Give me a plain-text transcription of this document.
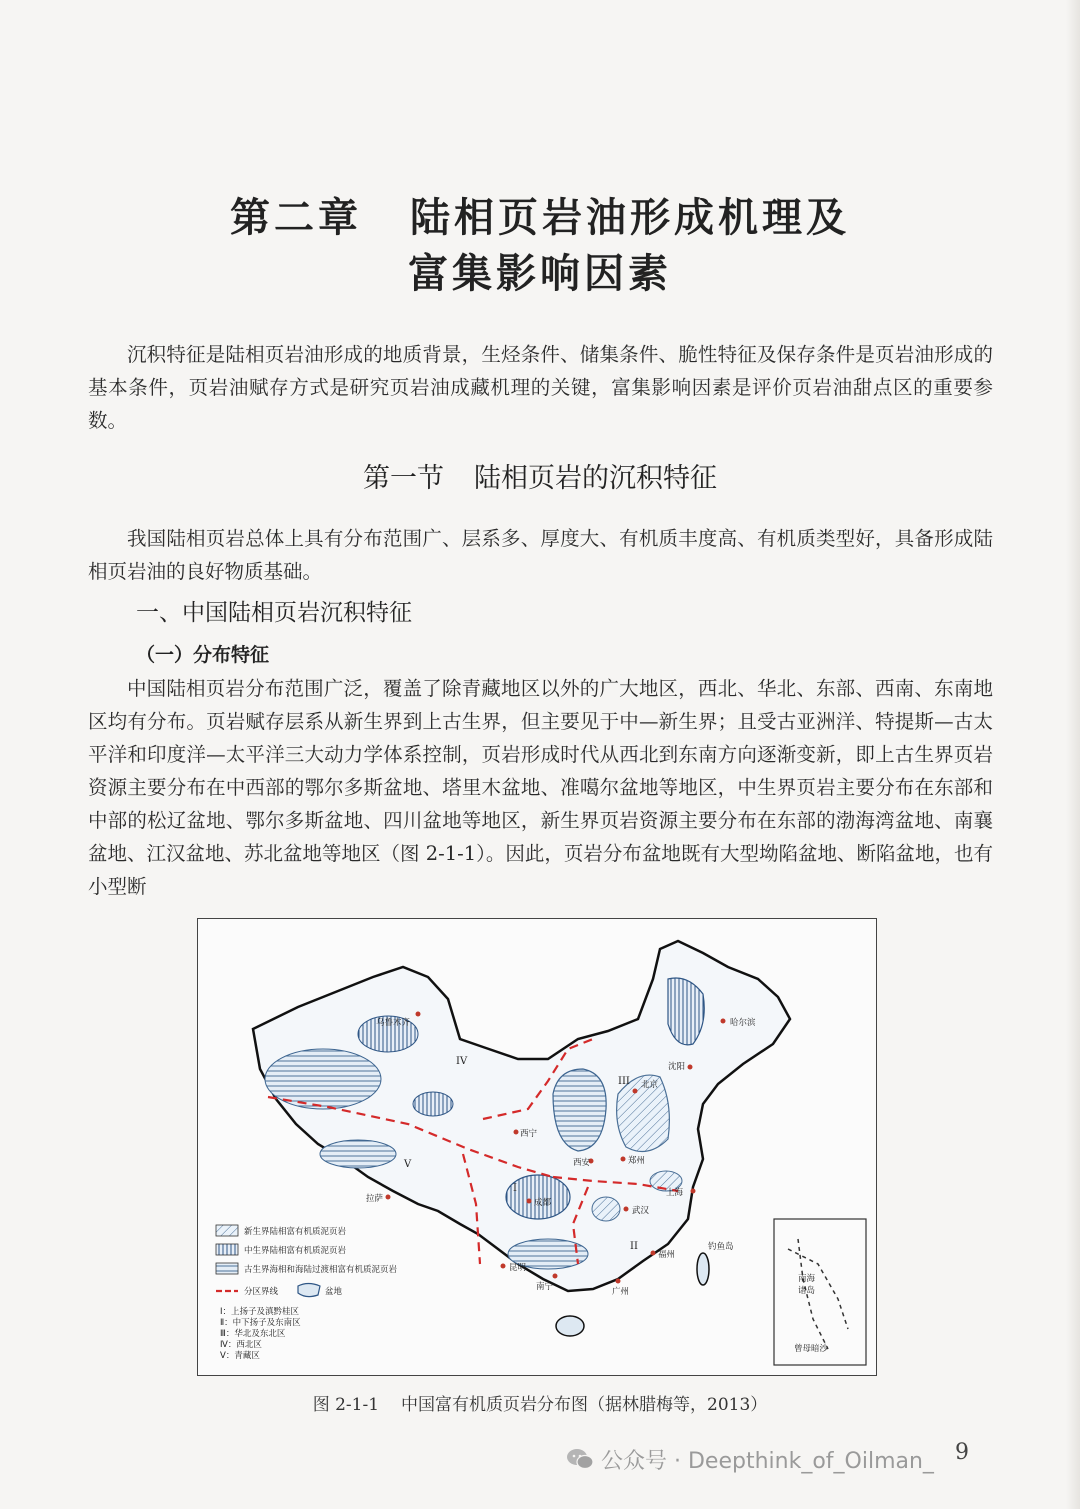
第二章 陆相页岩油形成机理及
富集影响因素

沉积特征是陆相页岩油形成的地质背景，生烃条件、储集条件、脆性特征及保存条件是页岩油形成的基本条件，页岩油赋存方式是研究页岩油成藏机理的关键，富集影响因素是评价页岩油甜点区的重要参数。

第一节 陆相页岩的沉积特征

我国陆相页岩总体上具有分布范围广、层系多、厚度大、有机质丰度高、有机质类型好，具备形成陆相页岩油的良好物质基础。

一、中国陆相页岩沉积特征
（一）分布特征

中国陆相页岩分布范围广泛，覆盖了除青藏地区以外的广大地区，西北、华北、东部、西南、东南地区均有分布。页岩赋存层系从新生界到上古生界，但主要见于中—新生界；且受古亚洲洋、特提斯—古太平洋和印度洋—太平洋三大动力学体系控制，页岩形成时代从西北到东南方向逐渐变新，即上古生界页岩资源主要分布在中西部的鄂尔多斯盆地、塔里木盆地、准噶尔盆地等地区，中生界页岩主要分布在东部和中部的松辽盆地、鄂尔多斯盆地、四川盆地等地区，新生界页岩资源主要分布在东部的渤海湾盆地、南襄盆地、江汉盆地、苏北盆地等地区（图 2-1-1）。因此，页岩分布盆地既有大型坳陷盆地、断陷盆地，也有小型断

乌鲁木齐	哈尔滨
沈阳
北京
西宁
西安	郑州
拉萨	成都
武汉
上海
福州
昆明
南宁	广州
钓鱼岛
IV
V
I
II
III
新生界陆相富有机质泥页岩
中生界陆相富有机质泥页岩
古生界海相和海陆过渡相富有机质泥页岩
分区界线	盆地
Ⅰ：上扬子及滇黔桂区
Ⅱ：中下扬子及东南区
Ⅲ：华北及东北区
Ⅳ：西北区
Ⅴ：青藏区
南海
诸岛
曾母暗沙

图 2-1-1 中国富有机质页岩分布图（据林腊梅等，2013）

公众号 · Deepthink_of_Oilman_ 9
